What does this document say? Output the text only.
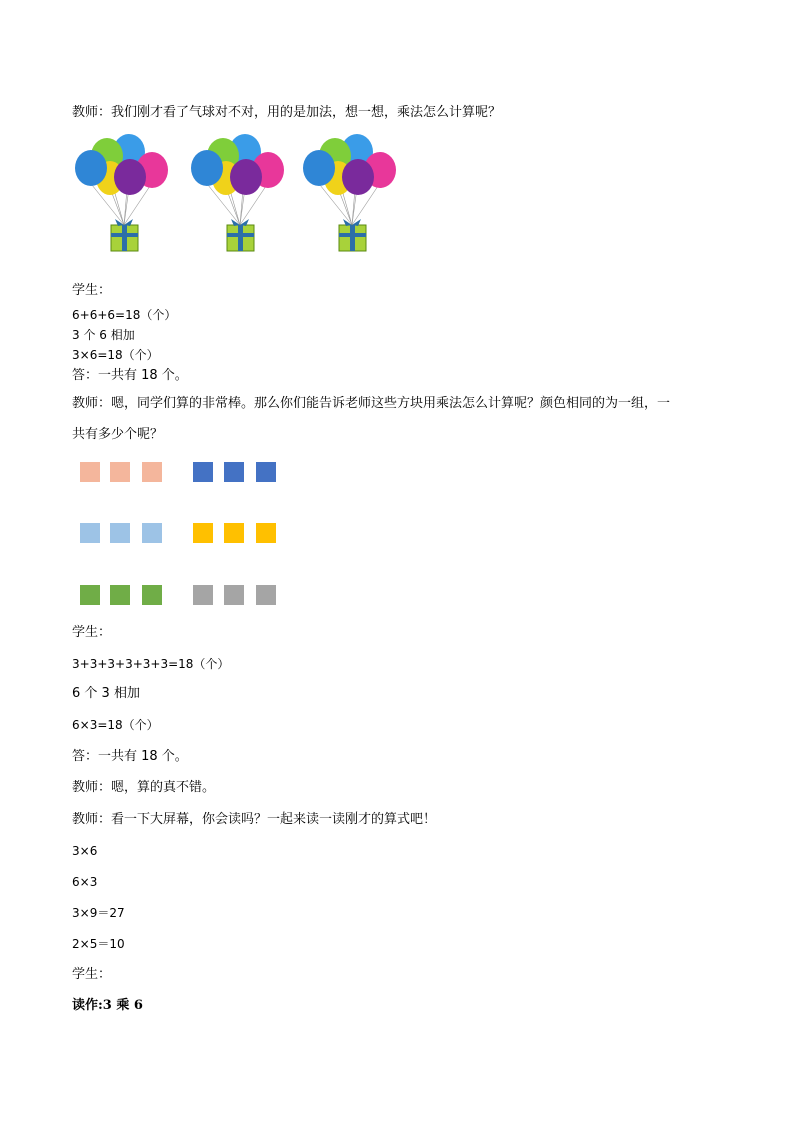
教师：我们刚才看了气球对不对，用的是加法，想一想，乘法怎么计算呢？
学生：
6+6+6=18（个）
3 个 6 相加
3×6=18（个）
答：一共有 18 个。
教师：嗯，同学们算的非常棒。那么你们能告诉老师这些方块用乘法怎么计算呢？颜色相同的为一组，一
共有多少个呢？
学生：
3+3+3+3+3+3=18（个）
6 个 3 相加
6×3=18（个）
答：一共有 18 个。
教师：嗯，算的真不错。
教师：看一下大屏幕，你会读吗？一起来读一读刚才的算式吧！
3×6
6×3
3×9＝27
2×5＝10
学生：
读作:3 乘 6
